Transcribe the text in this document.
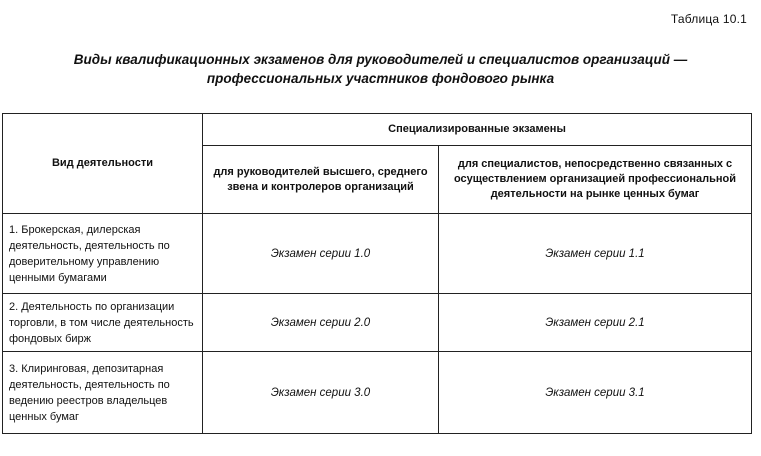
Таблица 10.1
Виды квалификационных экзаменов для руководителей и специалистов организаций —
профессиональных участников фондового рынка
Вид деятельности	Специализированные экзамены	
	для руководителей высшего, среднего звена и контролеров организаций	для специалистов, непосредственно связанных с осуществлением организацией профессиональной деятельности на рынке ценных бумаг
1. Брокерская, дилерская деятельность, деятельность по доверительному управлению ценными бумагами	Экзамен серии 1.0	Экзамен серии 1.1
2. Деятельность по организации торговли, в том числе деятельность фондовых бирж	Экзамен серии 2.0	Экзамен серии 2.1
3. Клиринговая, депозитарная деятельность, деятельность по ведению реестров владельцев ценных бумаг	Экзамен серии 3.0	Экзамен серии 3.1
